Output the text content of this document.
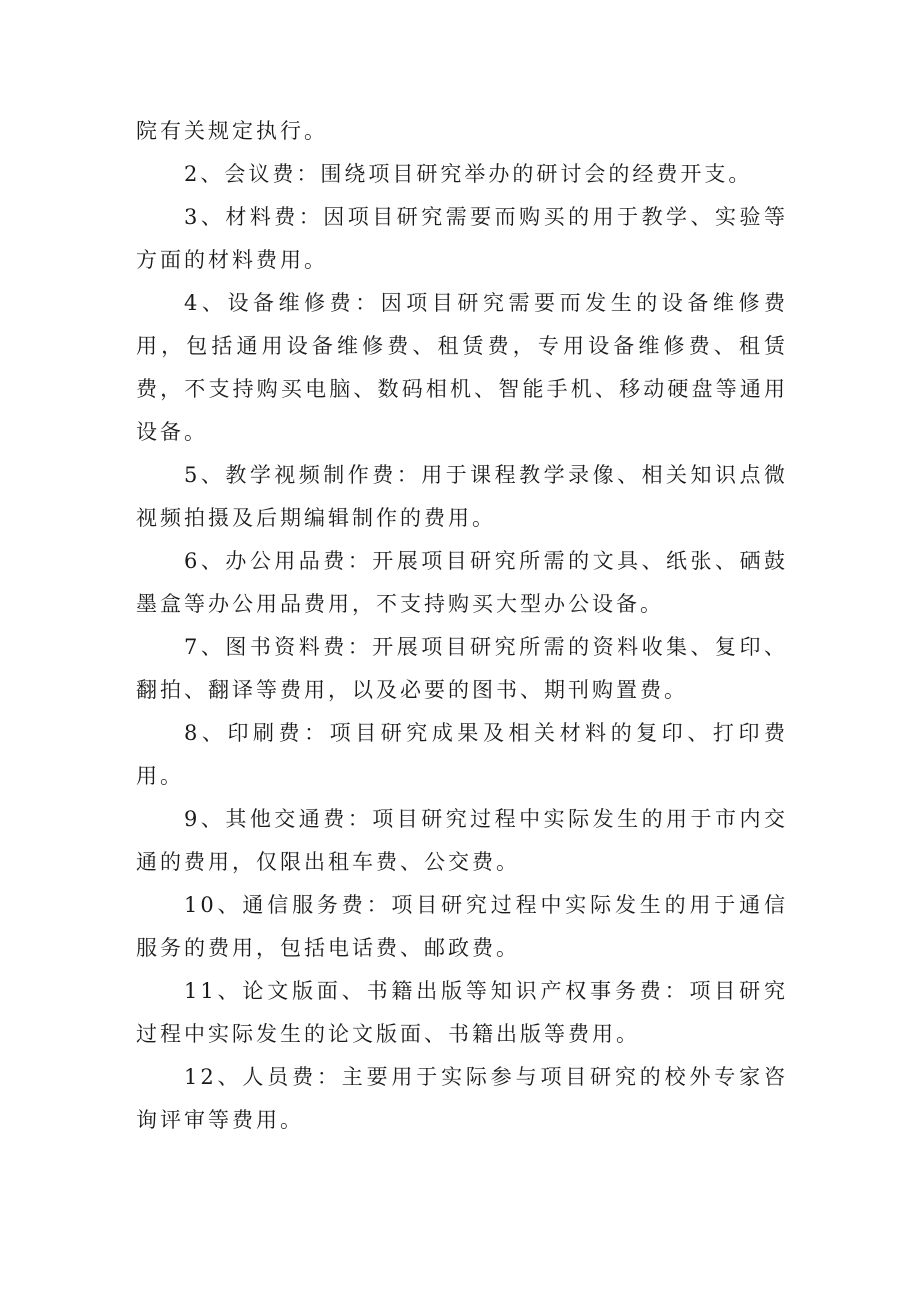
院有关规定执行。

2、会议费：围绕项目研究举办的研讨会的经费开支。

3、材料费：因项目研究需要而购买的用于教学、实验等方面的材料费用。

4、设备维修费：因项目研究需要而发生的设备维修费用，包括通用设备维修费、租赁费，专用设备维修费、租赁费，不支持购买电脑、数码相机、智能手机、移动硬盘等通用设备。

5、教学视频制作费：用于课程教学录像、相关知识点微视频拍摄及后期编辑制作的费用。

6、办公用品费：开展项目研究所需的文具、纸张、硒鼓墨盒等办公用品费用，不支持购买大型办公设备。

7、图书资料费：开展项目研究所需的资料收集、复印、翻拍、翻译等费用，以及必要的图书、期刊购置费。

8、印刷费：项目研究成果及相关材料的复印、打印费用。

9、其他交通费：项目研究过程中实际发生的用于市内交通的费用，仅限出租车费、公交费。

10、通信服务费：项目研究过程中实际发生的用于通信服务的费用，包括电话费、邮政费。

11、论文版面、书籍出版等知识产权事务费：项目研究过程中实际发生的论文版面、书籍出版等费用。

12、人员费：主要用于实际参与项目研究的校外专家咨询评审等费用。
